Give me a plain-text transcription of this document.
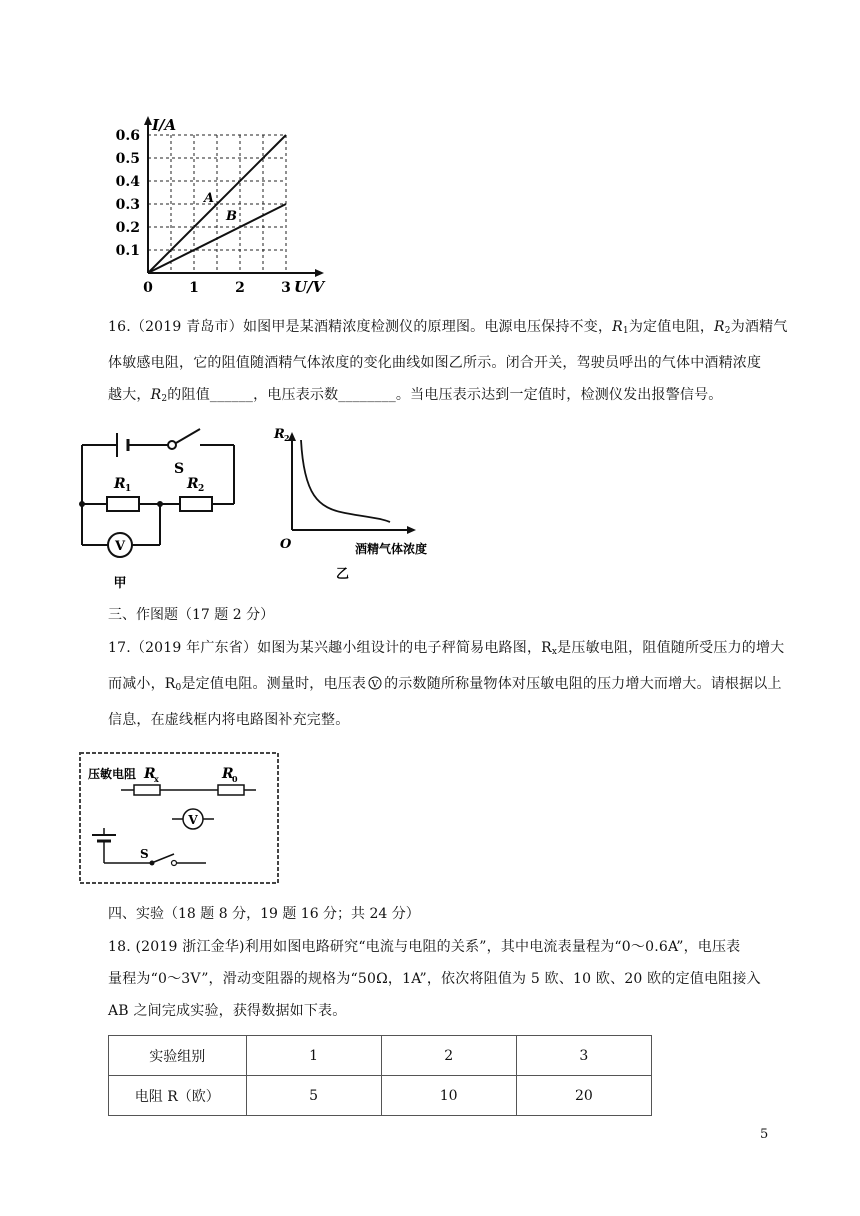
I/A
0.6
0.5
0.4
0.3
0.2
0.1
0	1	2	3 U/V
A
B
16.（2019 青岛市）如图甲是某酒精浓度检测仪的原理图。电源电压保持不变，$R_1$为定值电阻，$R_2$为酒精气
体敏感电阻，它的阻值随酒精气体浓度的变化曲线如图乙所示。闭合开关，驾驶员呼出的气体中酒精浓度
越大，$R_2$的阻值______，电压表示数________。当电压表示达到一定值时，检测仪发出报警信号。
S
R 1	R 2
V
甲
R 2
O	酒精气体浓度
乙
三、作图题（17 题 2 分）
17.（2019 年广东省）如图为某兴趣小组设计的电子秤简易电路图，$R_x$是压敏电阻，阻值随所受压力的增大
而减小，$R_0$是定值电阻。测量时，电压表 V 的示数随所称量物体对压敏电阻的压力增大而增大。请根据以上
信息，在虚线框内将电路图补充完整。
压敏电阻 R
x	R
0
V
S
四、实验（18 题 8 分，19 题 16 分；共 24 分）
18. (2019 浙江金华)利用如图电路研究“电流与电阻的关系”，其中电流表量程为“0～0.6A”，电压表
量程为“0～3V”，滑动变阻器的规格为“50Ω，1A”，依次将阻值为 5 欧、10 欧、20 欧的定值电阻接入
AB 之间完成实验，获得数据如下表。
实验组别	1	2	3
电阻 R（欧）	5	10	20
5
